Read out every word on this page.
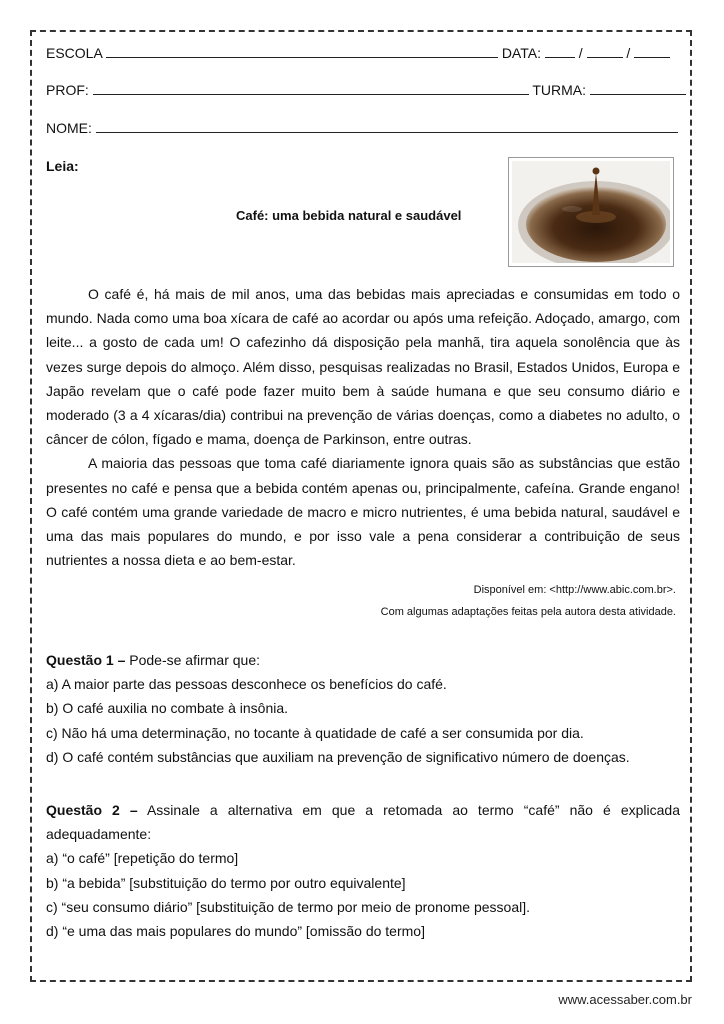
ESCOLA	DATA:	/	/
PROF:	TURMA:
NOME:
Leia:
Café: uma bebida natural e saudável

O café é, há mais de mil anos, uma das bebidas mais apreciadas e consumidas em todo o mundo. Nada como uma boa xícara de café ao acordar ou após uma refeição. Adoçado, amargo, com leite... a gosto de cada um! O cafezinho dá disposição pela manhã, tira aquela sonolência que às vezes surge depois do almoço. Além disso, pesquisas realizadas no Brasil, Estados Unidos, Europa e Japão revelam que o café pode fazer muito bem à saúde humana e que seu consumo diário e moderado (3 a 4 xícaras/dia) contribui na prevenção de várias doenças, como a diabetes no adulto, o câncer de cólon, fígado e mama, doença de Parkinson, entre outras.

A maioria das pessoas que toma café diariamente ignora quais são as substâncias que estão presentes no café e pensa que a bebida contém apenas ou, principalmente, cafeína. Grande engano! O café contém uma grande variedade de macro e micro nutrientes, é uma bebida natural, saudável e uma das mais populares do mundo, e por isso vale a pena considerar a contribuição de seus nutrientes a nossa dieta e ao bem-estar.

Disponível em: <http://www.abic.com.br>.
Com algumas adaptações feitas pela autora desta atividade.
Questão 1 – Pode-se afirmar que:
a) A maior parte das pessoas desconhece os benefícios do café.
b) O café auxilia no combate à insônia.
c) Não há uma determinação, no tocante à quatidade de café a ser consumida por dia.
d) O café contém substâncias que auxiliam na prevenção de significativo número de doenças.
Questão 2 – Assinale a alternativa em que a retomada ao termo “café” não é explicada adequadamente:
a) “o café” [repetição do termo]
b) “a bebida” [substituição do termo por outro equivalente]
c) “seu consumo diário” [substituição de termo por meio de pronome pessoal].
d) “e uma das mais populares do mundo” [omissão do termo]
www.acessaber.com.br
